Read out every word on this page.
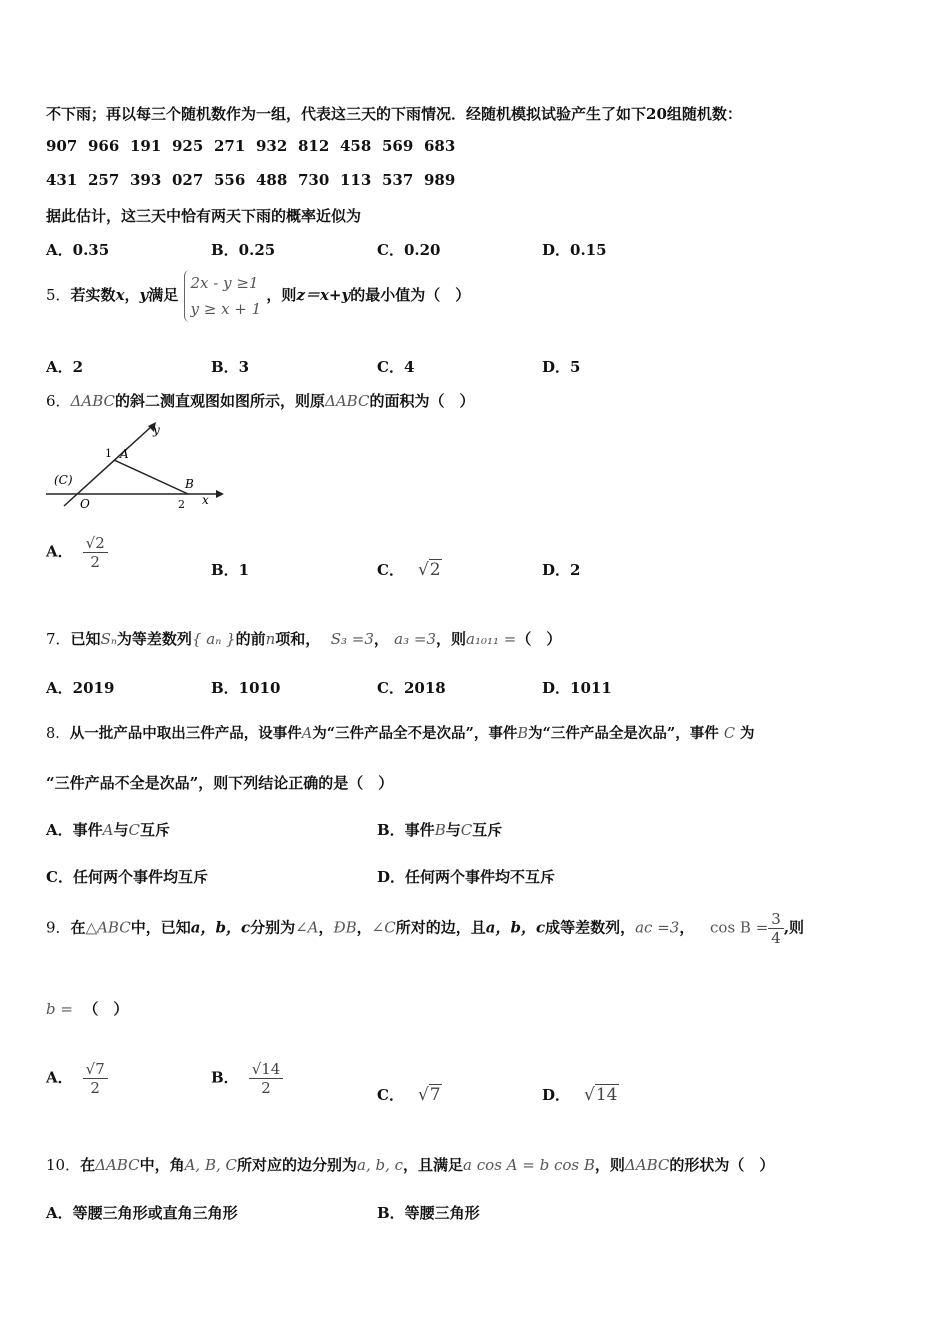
不下雨；再以每三个随机数作为一组，代表这三天的下雨情况．经随机模拟试验产生了如下20组随机数：
907 966 191 925 271 932 812 458 569 683
431 257 393 027 556 488 730 113 537 989
据此估计，这三天中恰有两天下雨的概率近似为
A．0.35	B．0.25	C．0.20	D．0.15
5．若实数x，y满足 2x - y ≥1
y ≥ x + 1 ，则z＝x+y的最小值为（　）
A．2	B．3	C．4	D．5
6．ΔABC的斜二测直观图如图所示，则原ΔABC的面积为（　）
y
1 A
(C)
O
B
2 x
A． $\frac{√2}{2}$	B．1	C． √2	D．2
7．已知Sₙ为等差数列{ aₙ }的前n项和， S₃ =3， a₃ =3，则a₁₀₁₁ =（　）
A．2019	B．1010	C．2018	D．1011
8．从一批产品中取出三件产品，设事件A为“三件产品全不是次品”，事件B为“三件产品全是次品”，事件 C 为
“三件产品不全是次品”，则下列结论正确的是（　）
A．事件A与C互斥	B．事件B与C互斥
C．任何两个事件均互斥	D．任何两个事件均不互斥
9．在△ABC中，已知a，b，c分别为∠A，ÐB，∠C所对的边，且a，b，c成等差数列，ac =3， $\cos B = \frac{3}{4}$ ,则
b = （　）
A． $\frac{√7}{2}$	B． $\frac{√14}{2}$	C． √7	D． √14
10．在ΔABC中，角A, B, C所对应的边分别为a, b, c，且满足a cos A = b cos B，则ΔABC的形状为（　）
A．等腰三角形或直角三角形	B．等腰三角形
